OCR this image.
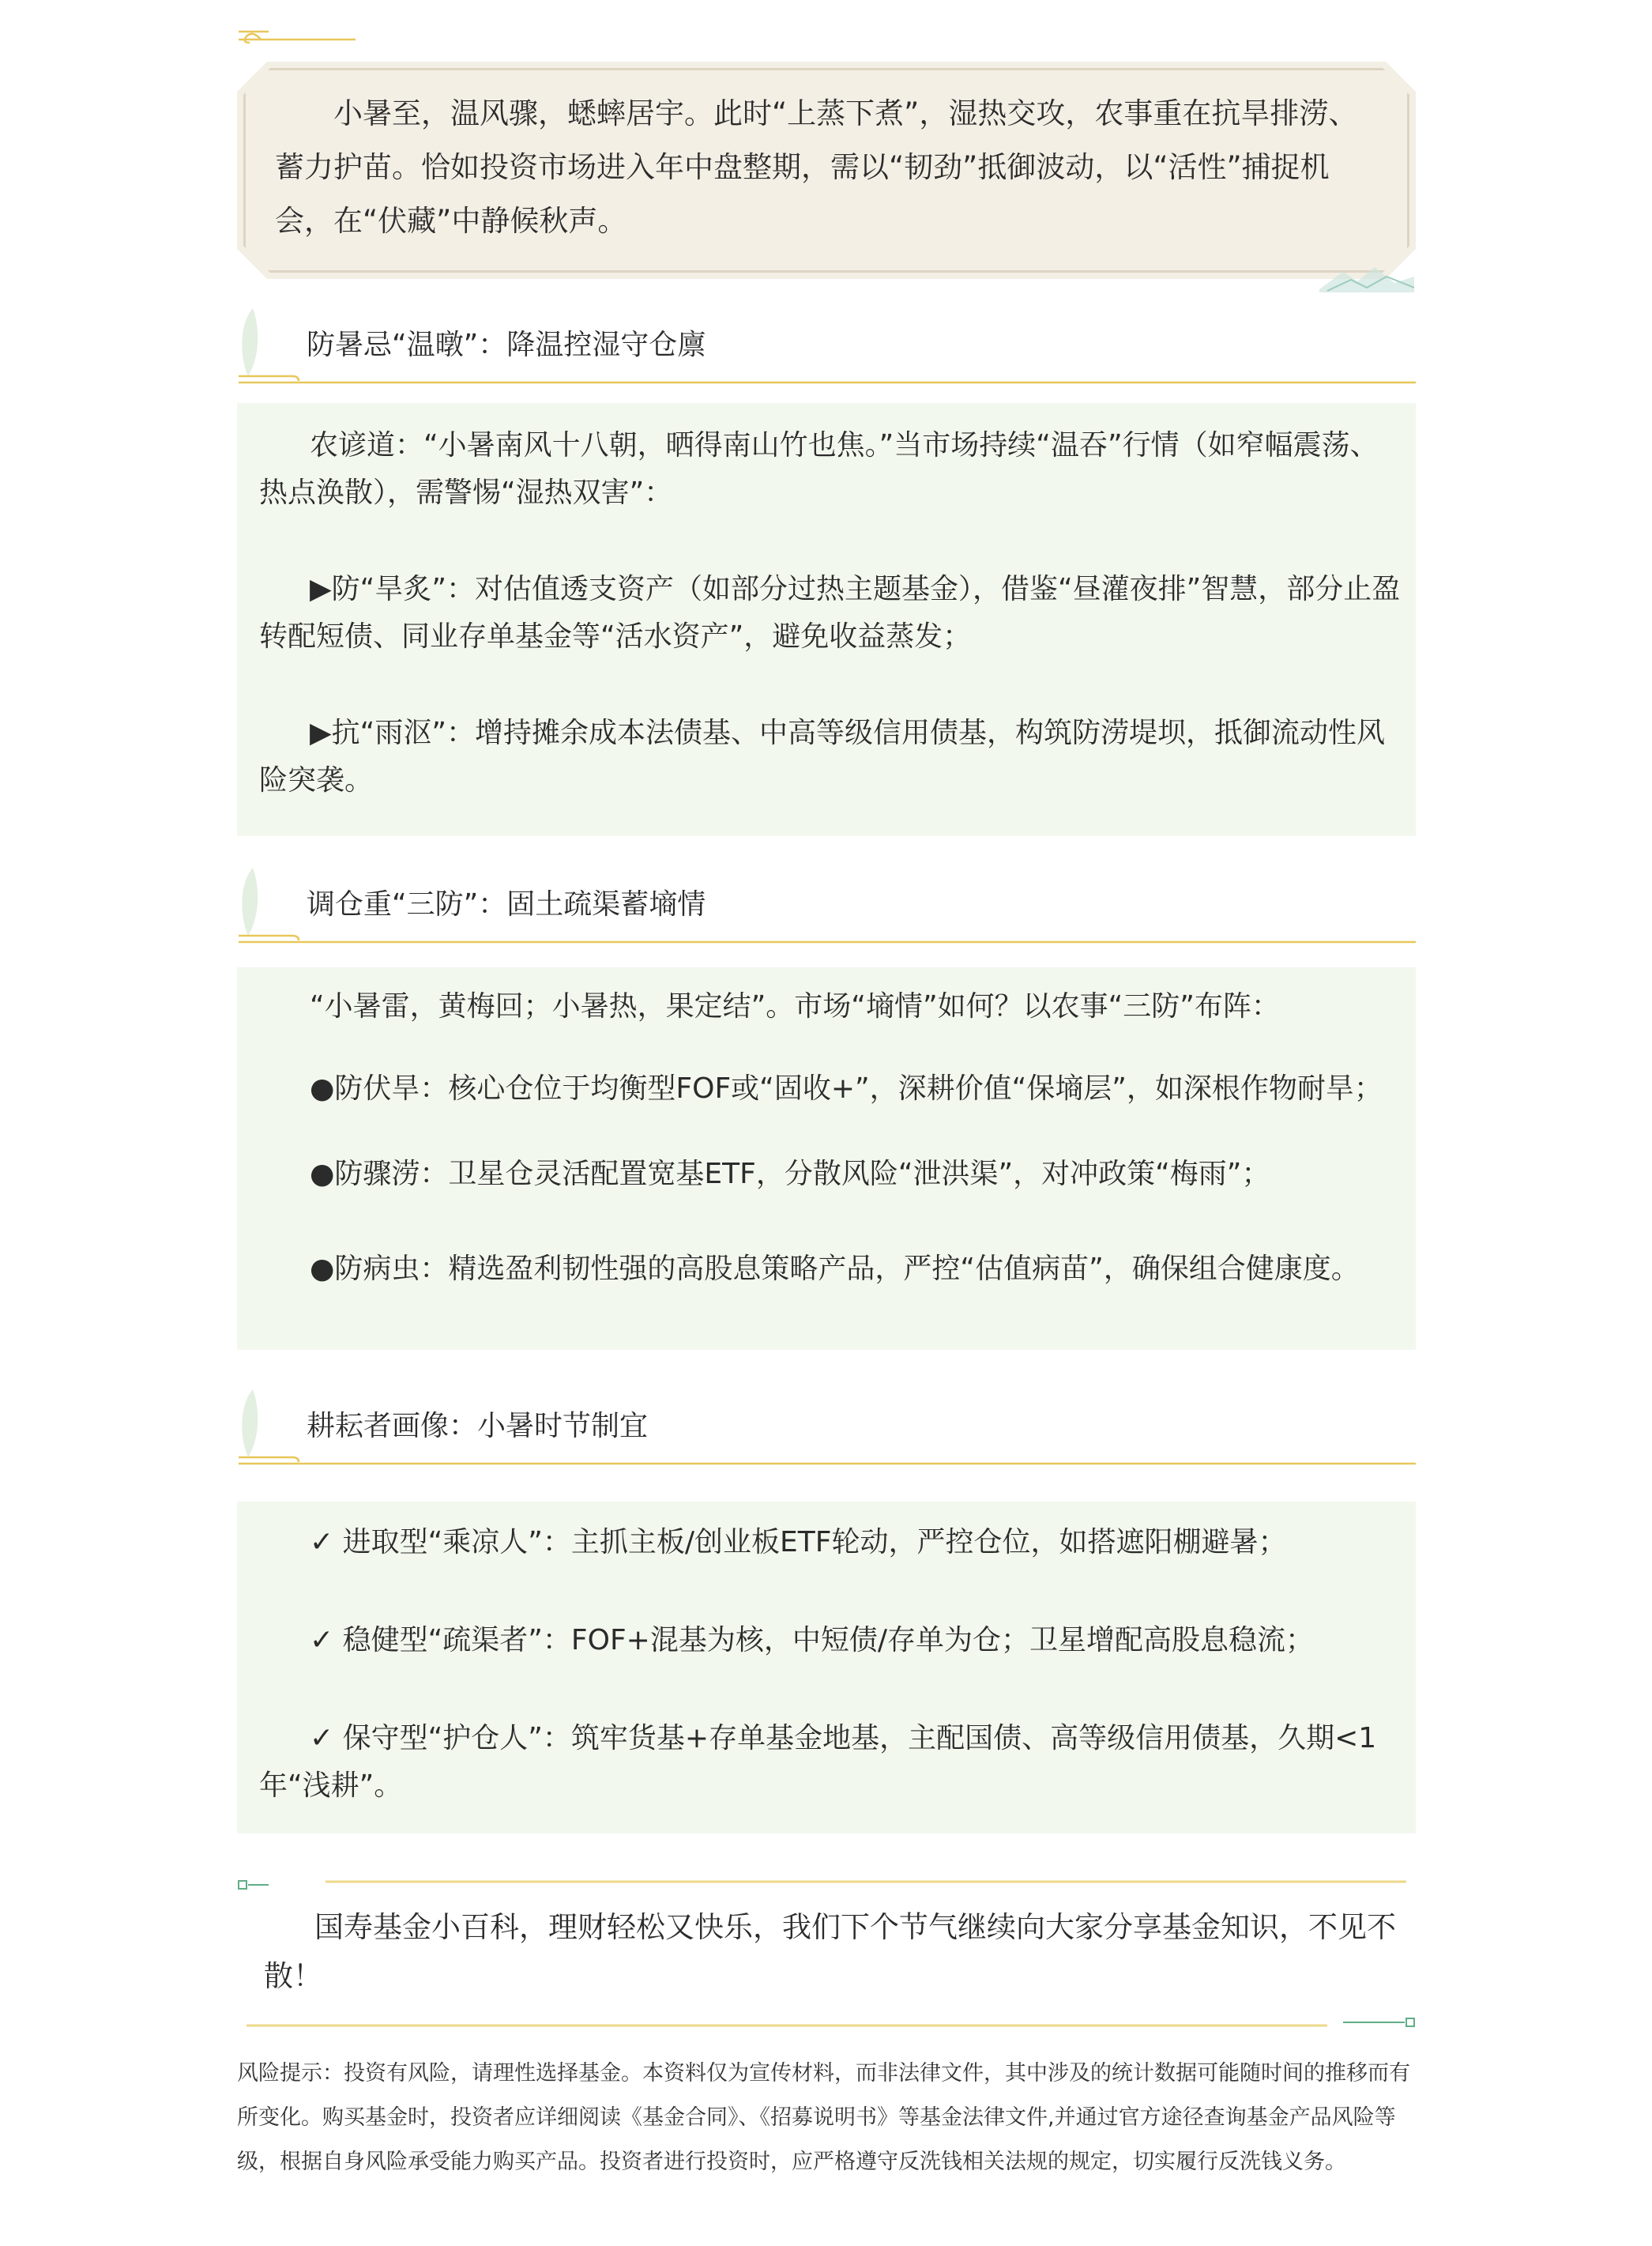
小暑至，温风骤，蟋蟀居宇。此时“上蒸下煮”，湿热交攻，农事重在抗旱排涝、蓄力护苗。恰如投资市场进入年中盘整期，需以“韧劲”抵御波动，以“活性”捕捉机会，在“伏藏”中静候秋声。

防暑忌“温暾”：降温控湿守仓廪

农谚道：“小暑南风十八朝，晒得南山竹也焦。”当市场持续“温吞”行情（如窄幅震荡、热点涣散），需警惕“湿热双害”：

▶防“旱炙”：对估值透支资产（如部分过热主题基金），借鉴“昼灌夜排”智慧，部分止盈转配短债、同业存单基金等“活水资产”，避免收益蒸发；

▶抗“雨沤”：增持摊余成本法债基、中高等级信用债基，构筑防涝堤坝，抵御流动性风险突袭。

调仓重“三防”：固土疏渠蓄墒情

“小暑雷，黄梅回；小暑热，果定结”。市场“墒情”如何？以农事“三防”布阵：

●防伏旱：核心仓位于均衡型FOF或“固收+”，深耕价值“保墒层”，如深根作物耐旱；

●防骤涝：卫星仓灵活配置宽基ETF，分散风险“泄洪渠”，对冲政策“梅雨”；

●防病虫：精选盈利韧性强的高股息策略产品，严控“估值病苗”，确保组合健康度。

耕耘者画像：小暑时节制宜

✓ 进取型“乘凉人”：主抓主板/创业板ETF轮动，严控仓位，如搭遮阳棚避暑；

✓ 稳健型“疏渠者”：FOF+混基为核，中短债/存单为仓；卫星增配高股息稳流；

✓ 保守型“护仓人”：筑牢货基+存单基金地基，主配国债、高等级信用债基，久期<1年“浅耕”。

国寿基金小百科，理财轻松又快乐，我们下个节气继续向大家分享基金知识，不见不散！

风险提示：投资有风险，请理性选择基金。本资料仅为宣传材料，而非法律文件，其中涉及的统计数据可能随时间的推移而有所变化。购买基金时，投资者应详细阅读《基金合同》、《招募说明书》等基金法律文件,并通过官方途径查询基金产品风险等级，根据自身风险承受能力购买产品。投资者进行投资时，应严格遵守反洗钱相关法规的规定，切实履行反洗钱义务。
